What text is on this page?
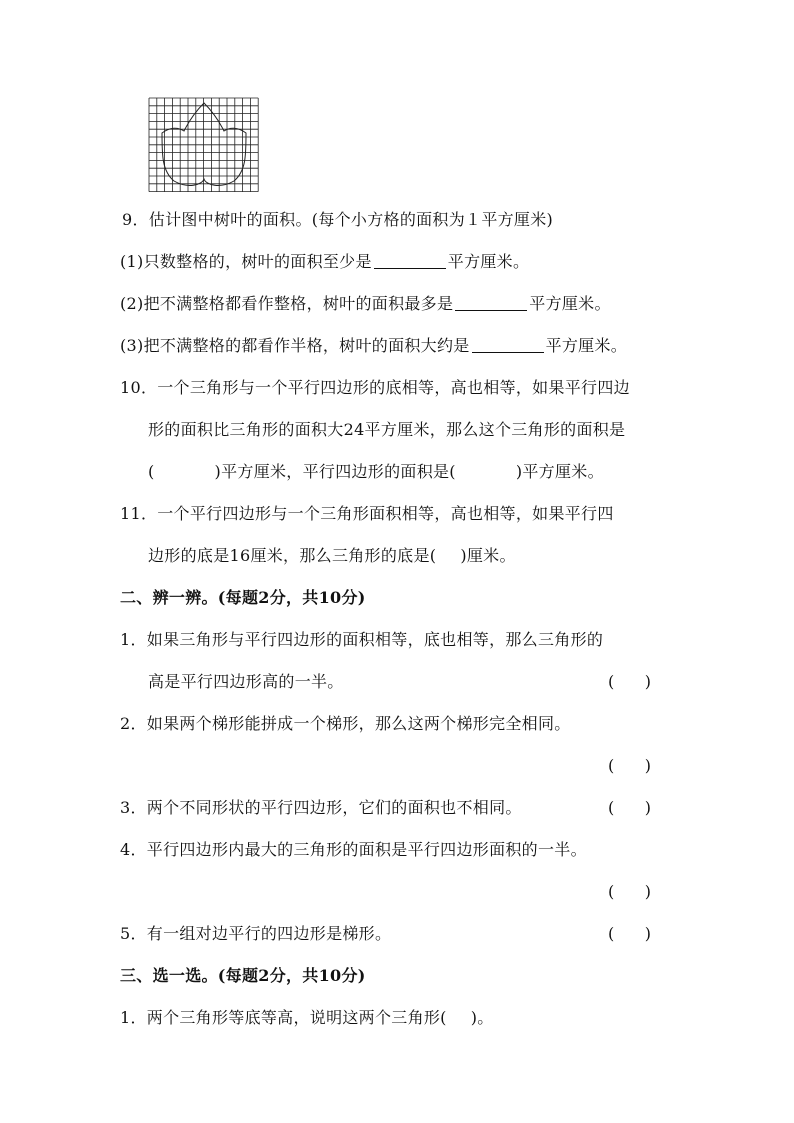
9．估计图中树叶的面积。(每个小方格的面积为１平方厘米)
(1)只数整格的，树叶的面积至少是	平方厘米。
(2)把不满整格都看作整格，树叶的面积最多是	平方厘米。
(3)把不满整格的都看作半格，树叶的面积大约是	平方厘米。
10．一个三角形与一个平行四边形的底相等，高也相等，如果平行四边
形的面积比三角形的面积大24平方厘米，那么这个三角形的面积是
(	)平方厘米，平行四边形的面积是(	)平方厘米。
11．一个平行四边形与一个三角形面积相等，高也相等，如果平行四
边形的底是16厘米，那么三角形的底是( )厘米。
二、辨一辨。(每题2分，共10分)
1．如果三角形与平行四边形的面积相等，底也相等，那么三角形的
高是平行四边形高的一半。	(      )
2．如果两个梯形能拼成一个梯形，那么这两个梯形完全相同。
(      )
3．两个不同形状的平行四边形，它们的面积也不相同。	(      )
4．平行四边形内最大的三角形的面积是平行四边形面积的一半。
(      )
5．有一组对边平行的四边形是梯形。	(      )
三、选一选。(每题2分，共10分)
1．两个三角形等底等高，说明这两个三角形( )。
